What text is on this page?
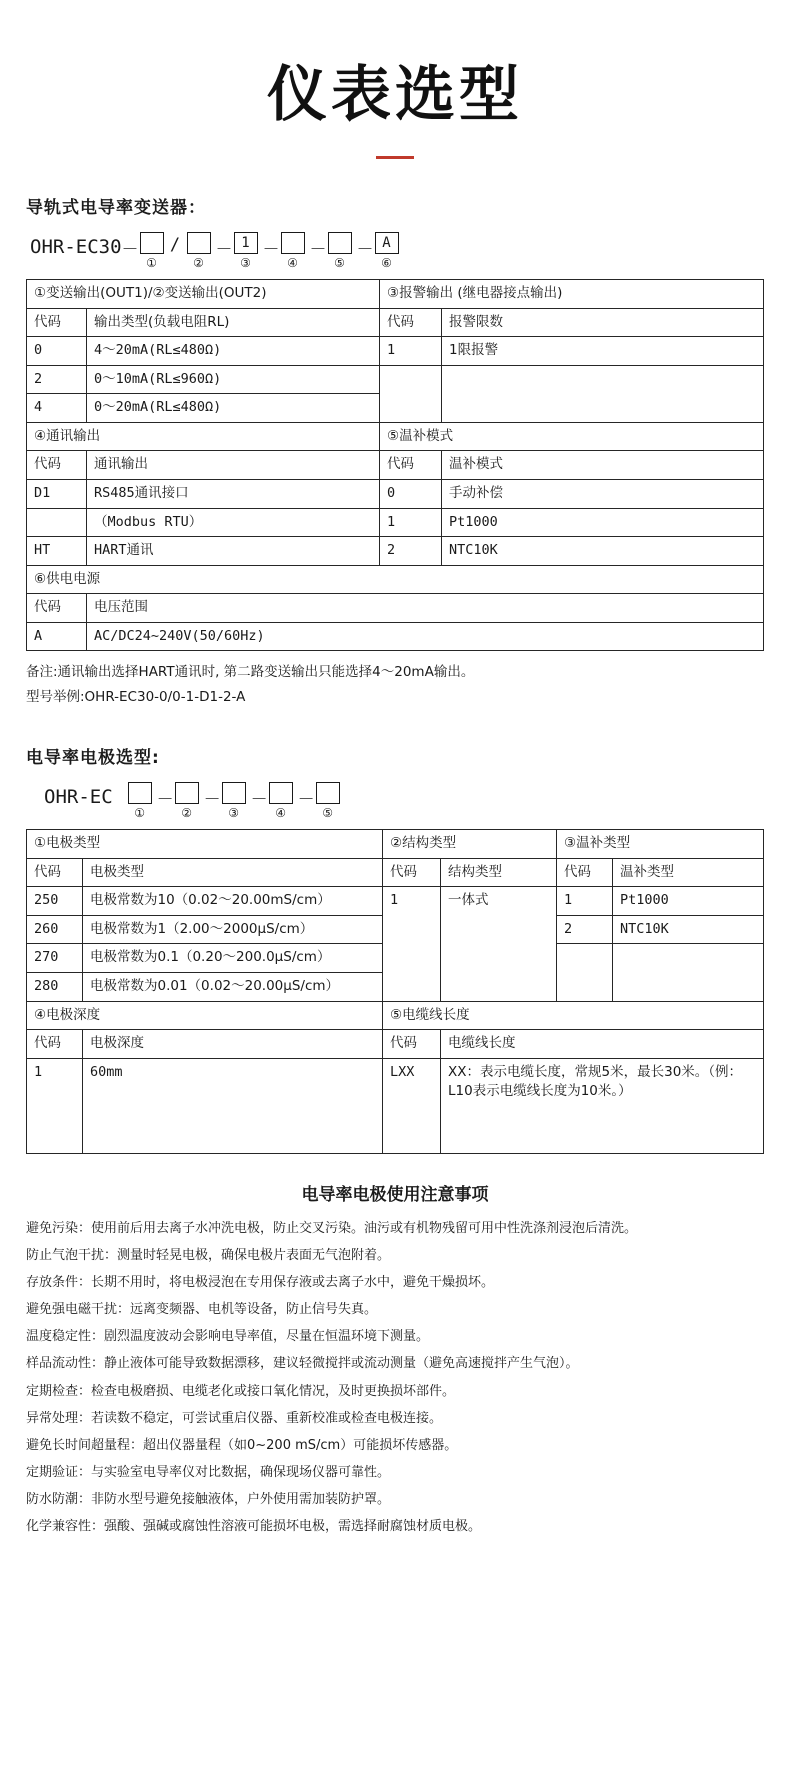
仪表选型
导轨式电导率变送器：
OHR-EC30 －
①
/
②
－ 1
③
－
④
－
⑤
－ A
⑥
①变送输出(OUT1)/②变送输出(OUT2)		③报警输出 (继电器接点输出)	
代码	输出类型(负载电阻RL)	代码	报警限数
0	4～20mA(RL≤480Ω)	1	1限报警
2	0～10mA(RL≤960Ω)		
4	0～20mA(RL≤480Ω)		
④通讯输出		⑤温补模式	
代码	通讯输出	代码	温补模式
D1	RS485通讯接口	0	手动补偿
	（Modbus RTU）	1	Pt1000
HT	HART通讯	2	NTC10K
⑥供电电源			
代码	电压范围		
A	AC/DC24~240V(50/60Hz)		
备注:通讯输出选择HART通讯时, 第二路变送输出只能选择4～20mA输出。
型号举例:OHR-EC30-0/0-1-D1-2-A
电导率电极选型:
OHR-EC
①
－
②
－
③
－
④
－
⑤
①电极类型		②结构类型		③温补类型	
代码	电极类型	代码	结构类型	代码	温补类型
250	电极常数为10（0.02～20.00mS/cm）	1	一体式	1	Pt1000
260	电极常数为1（2.00～2000μS/cm）			2	NTC10K
270	电极常数为0.1（0.20～200.0μS/cm）				
280	电极常数为0.01（0.02～20.00μS/cm）				
④电极深度		⑤电缆线长度			
代码	电极深度	代码	电缆线长度		
1	60mm	LXX	XX：表示电缆长度，常规5米，最长30米。（例：L10表示电缆线长度为10米。）		
电导率电极使用注意事项

避免污染：使用前后用去离子水冲洗电极，防止交叉污染。油污或有机物残留可用中性洗涤剂浸泡后清洗。

防止气泡干扰：测量时轻晃电极，确保电极片表面无气泡附着。

存放条件：长期不用时，将电极浸泡在专用保存液或去离子水中，避免干燥损坏。

避免强电磁干扰：远离变频器、电机等设备，防止信号失真。

温度稳定性：剧烈温度波动会影响电导率值，尽量在恒温环境下测量。

样品流动性：静止液体可能导致数据漂移，建议轻微搅拌或流动测量（避免高速搅拌产生气泡）。

定期检查：检查电极磨损、电缆老化或接口氧化情况，及时更换损坏部件。

异常处理：若读数不稳定，可尝试重启仪器、重新校准或检查电极连接。

避免长时间超量程：超出仪器量程（如0~200 mS/cm）可能损坏传感器。

定期验证：与实验室电导率仪对比数据，确保现场仪器可靠性。

防水防潮：非防水型号避免接触液体，户外使用需加装防护罩。

化学兼容性：强酸、强碱或腐蚀性溶液可能损坏电极，需选择耐腐蚀材质电极。
